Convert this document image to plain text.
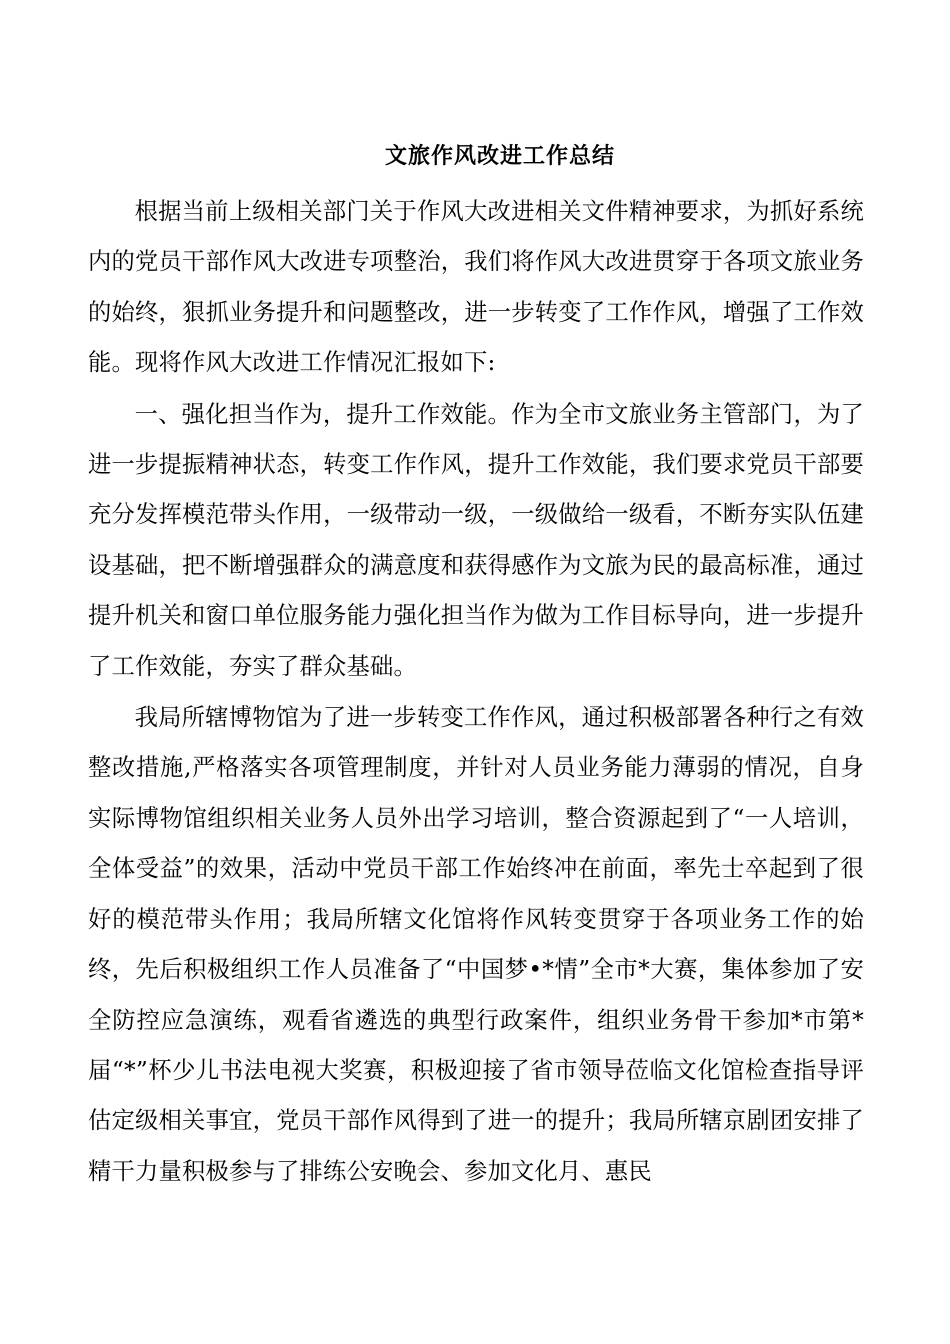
文旅作风改进工作总结

根据当前上级相关部门关于作风大改进相关文件精神要求，为抓好系统内的党员干部作风大改进专项整治，我们将作风大改进贯穿于各项文旅业务的始终，狠抓业务提升和问题整改，进一步转变了工作作风，增强了工作效能。现将作风大改进工作情况汇报如下:

一、强化担当作为，提升工作效能。作为全市文旅业务主管部门，为了进一步提振精神状态，转变工作作风，提升工作效能，我们要求党员干部要充分发挥模范带头作用，一级带动一级，一级做给一级看，不断夯实队伍建设基础，把不断增强群众的满意度和获得感作为文旅为民的最高标准，通过提升机关和窗口单位服务能力强化担当作为做为工作目标导向，进一步提升了工作效能，夯实了群众基础。

我局所辖博物馆为了进一步转变工作作风，通过积极部署各种行之有效整改措施,严格落实各项管理制度，并针对人员业务能力薄弱的情况，自身实际博物馆组织相关业务人员外出学习培训，整合资源起到了“一人培训，全体受益”的效果，活动中党员干部工作始终冲在前面，率先士卒起到了很好的模范带头作用；我局所辖文化馆将作风转变贯穿于各项业务工作的始终，先后积极组织工作人员准备了“中国梦•*情”全市*大赛，集体参加了安全防控应急演练，观看省遴选的典型行政案件，组织业务骨干参加*市第*届“*”杯少儿书法电视大奖赛，积极迎接了省市领导莅临文化馆检查指导评估定级相关事宜，党员干部作风得到了进一的提升；我局所辖京剧团安排了精干力量积极参与了排练公安晚会、参加文化月、惠民
